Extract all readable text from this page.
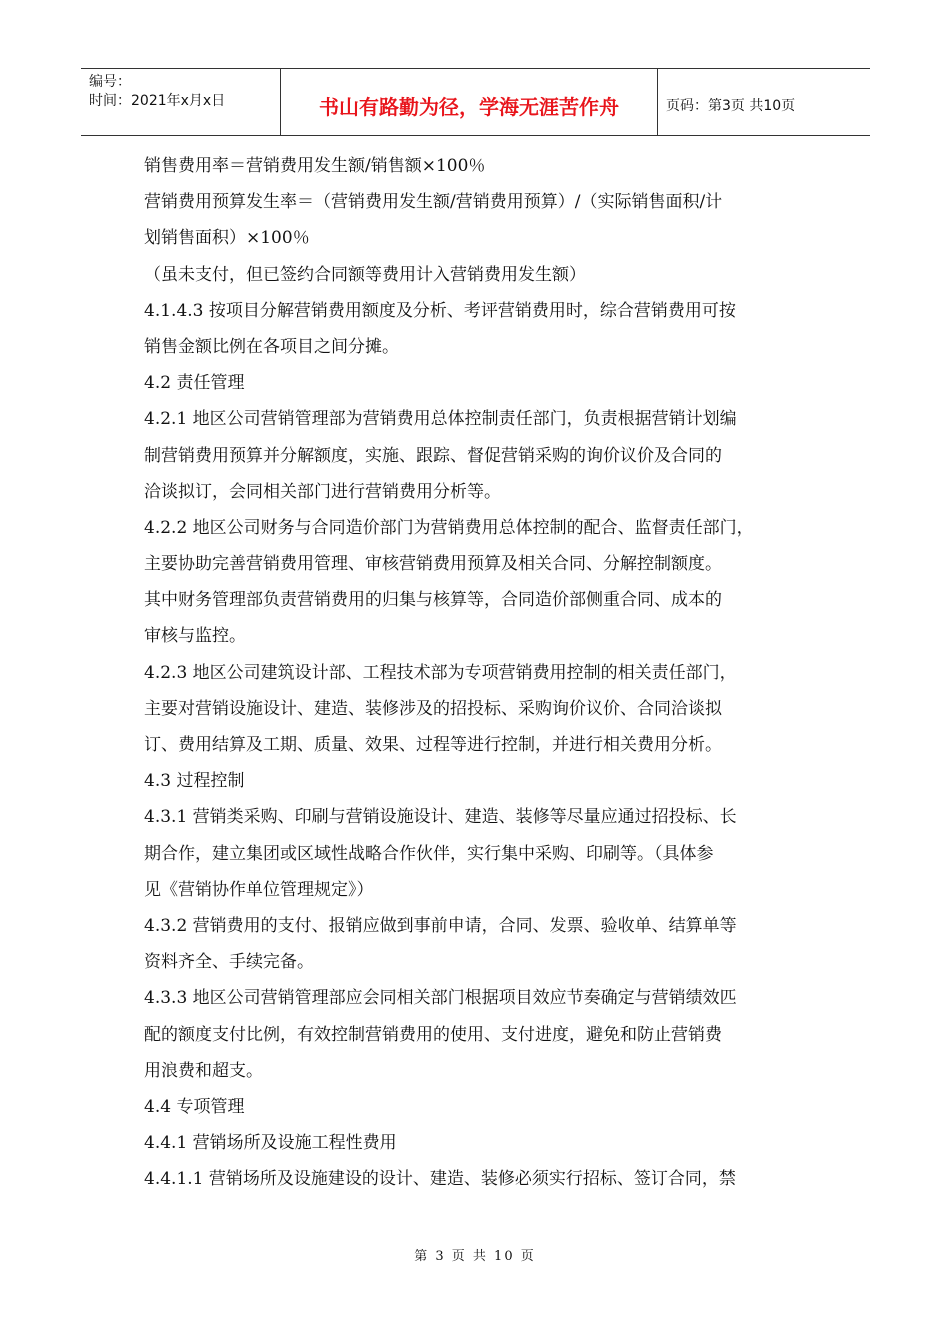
编号：
时间：2021年x月x日	书山有路勤为径，学海无涯苦作舟	页码：第3页 共10页
销售费用率＝营销费用发生额/销售额×100％
营销费用预算发生率＝（营销费用发生额/营销费用预算）/（实际销售面积/计
划销售面积）×100％
（虽未支付，但已签约合同额等费用计入营销费用发生额）
4.1.4.3 按项目分解营销费用额度及分析、考评营销费用时，综合营销费用可按
销售金额比例在各项目之间分摊。
4.2 责任管理
4.2.1 地区公司营销管理部为营销费用总体控制责任部门，负责根据营销计划编
制营销费用预算并分解额度，实施、跟踪、督促营销采购的询价议价及合同的
洽谈拟订，会同相关部门进行营销费用分析等。
4.2.2 地区公司财务与合同造价部门为营销费用总体控制的配合、监督责任部门，
主要协助完善营销费用管理、审核营销费用预算及相关合同、分解控制额度。
其中财务管理部负责营销费用的归集与核算等，合同造价部侧重合同、成本的
审核与监控。
4.2.3 地区公司建筑设计部、工程技术部为专项营销费用控制的相关责任部门，
主要对营销设施设计、建造、装修涉及的招投标、采购询价议价、合同洽谈拟
订、费用结算及工期、质量、效果、过程等进行控制，并进行相关费用分析。
4.3 过程控制
4.3.1 营销类采购、印刷与营销设施设计、建造、装修等尽量应通过招投标、长
期合作，建立集团或区域性战略合作伙伴，实行集中采购、印刷等。（具体参
见《营销协作单位管理规定》）
4.3.2 营销费用的支付、报销应做到事前申请，合同、发票、验收单、结算单等
资料齐全、手续完备。
4.3.3 地区公司营销管理部应会同相关部门根据项目效应节奏确定与营销绩效匹
配的额度支付比例，有效控制营销费用的使用、支付进度，避免和防止营销费
用浪费和超支。
4.4 专项管理
4.4.1 营销场所及设施工程性费用
4.4.1.1 营销场所及设施建设的设计、建造、装修必须实行招标、签订合同，禁
第 3 页 共 10 页
